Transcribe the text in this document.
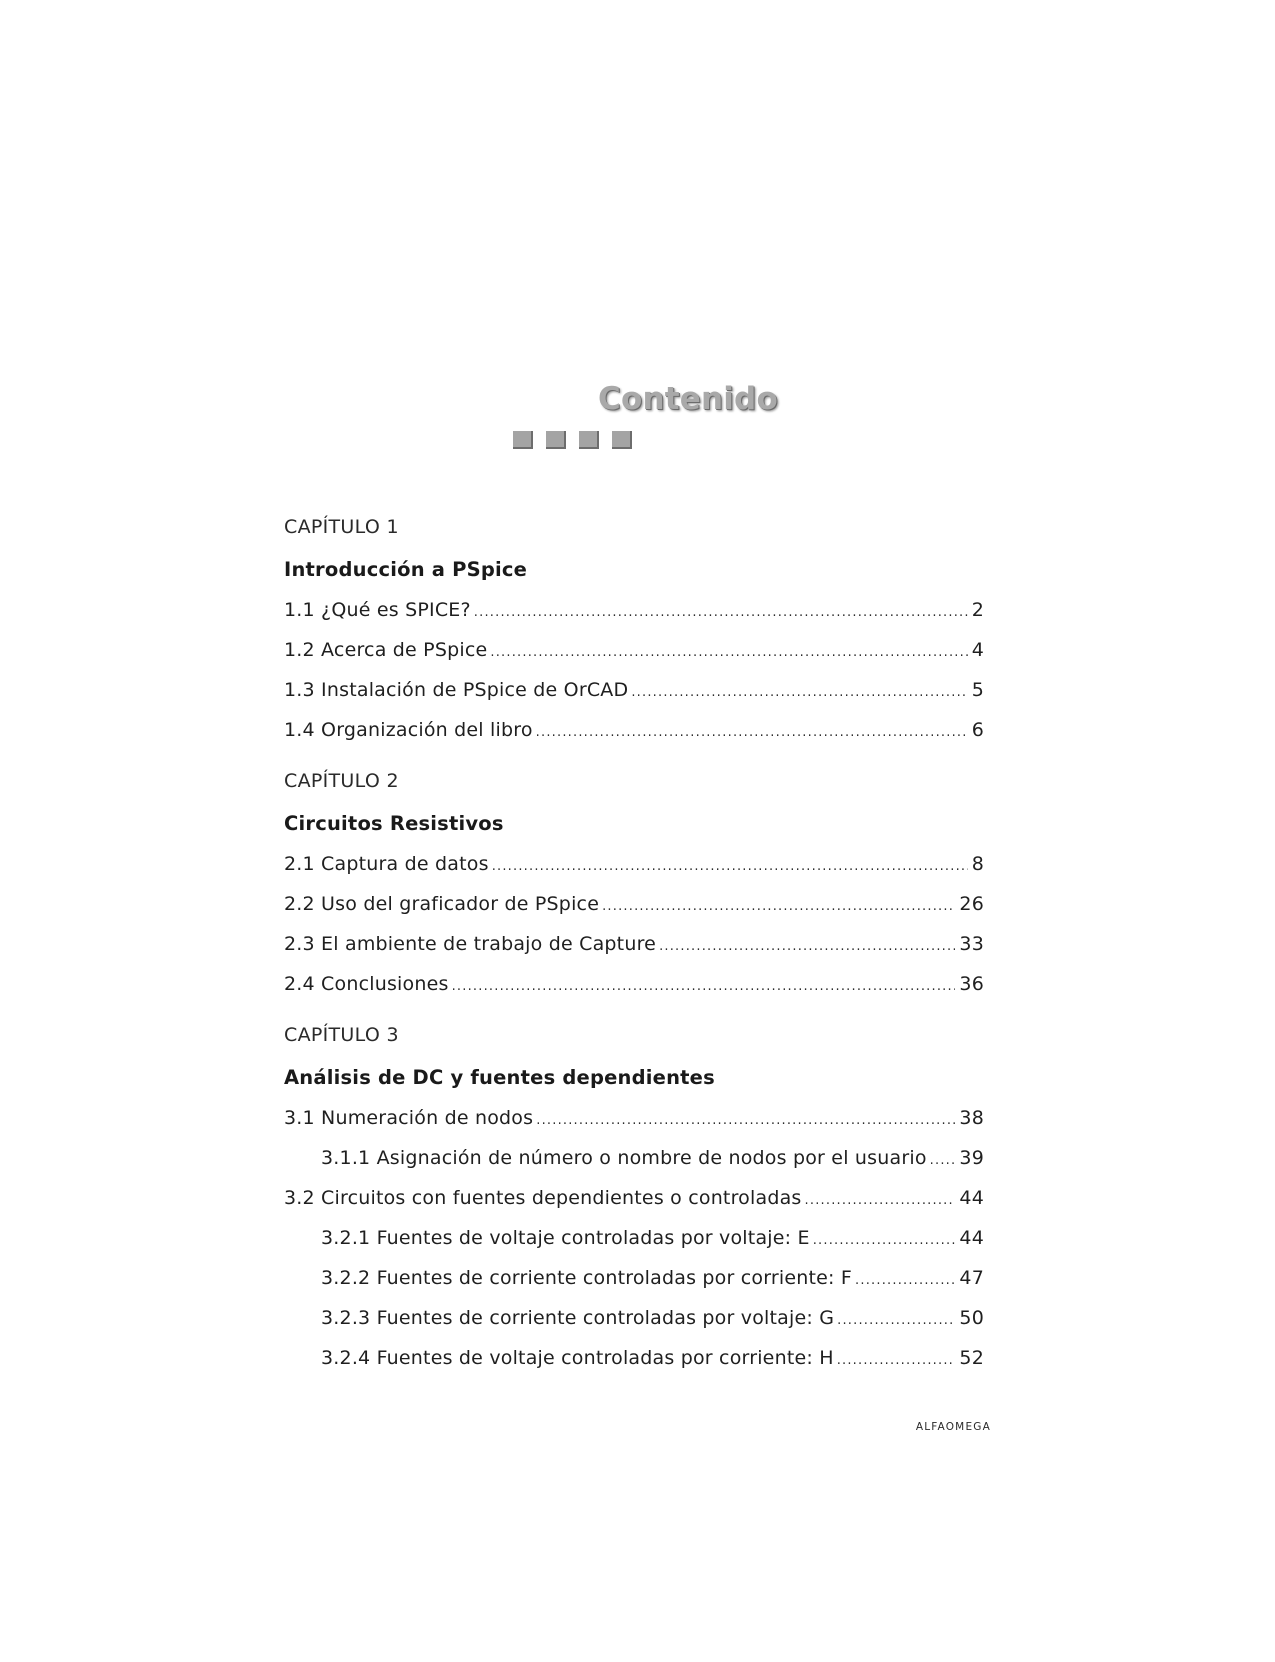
Contenido
CAPÍTULO 1
Introducción a PSpice
1.1 ¿Qué es SPICE? .....	2
1.2 Acerca de PSpice .....	4
1.3 Instalación de PSpice de OrCAD .....	5
1.4 Organización del libro .....	6
CAPÍTULO 2
Circuitos Resistivos
2.1 Captura de datos .....	8
2.2 Uso del graficador de PSpice .....	26
2.3 El ambiente de trabajo de Capture .....	33
2.4 Conclusiones .....	36
CAPÍTULO 3
Análisis de DC y fuentes dependientes
3.1 Numeración de nodos .....	38
3.1.1 Asignación de número o nombre de nodos por el usuario ..... 39
3.2 Circuitos con fuentes dependientes o controladas .....	44
3.2.1 Fuentes de voltaje controladas por voltaje: E .....	44
3.2.2 Fuentes de corriente controladas por corriente: F .....	47
3.2.3 Fuentes de corriente controladas por voltaje: G .....	50
3.2.4 Fuentes de voltaje controladas por corriente: H .....	52
ALFAOMEGA
